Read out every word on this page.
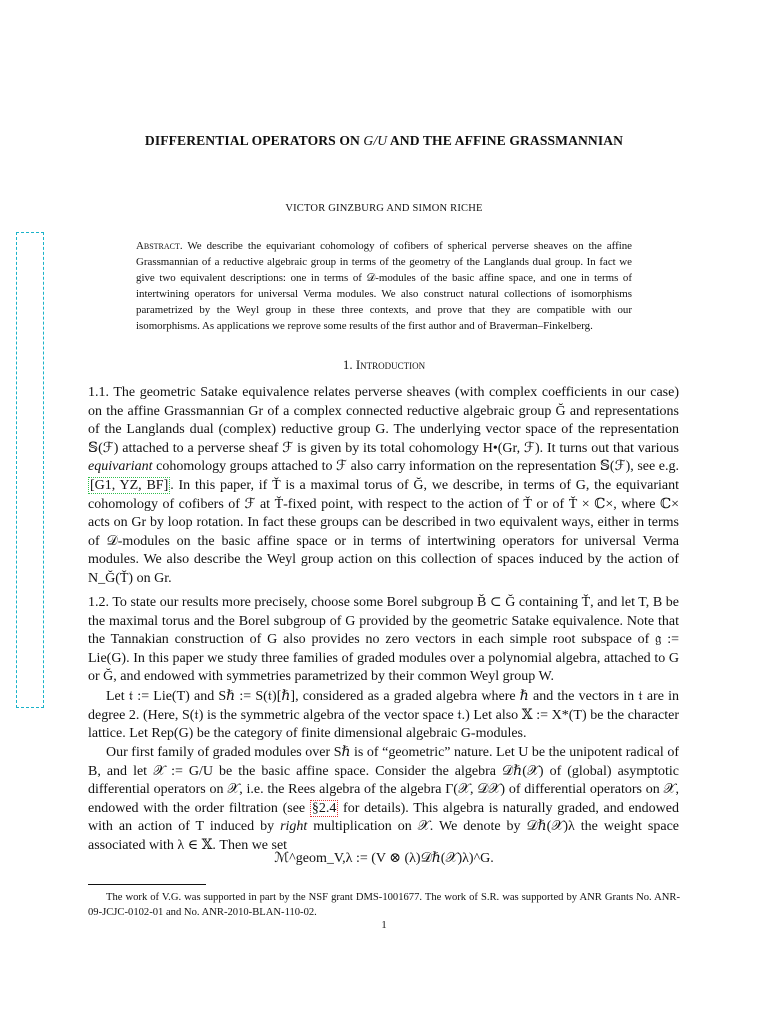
DIFFERENTIAL OPERATORS ON G/U AND THE AFFINE GRASSMANNIAN
VICTOR GINZBURG AND SIMON RICHE
Abstract. We describe the equivariant cohomology of cofibers of spherical perverse sheaves on the affine Grassmannian of a reductive algebraic group in terms of the geometry of the Langlands dual group. In fact we give two equivalent descriptions: one in terms of 𝒟-modules of the basic affine space, and one in terms of intertwining operators for universal Verma modules. We also construct natural collections of isomorphisms parametrized by the Weyl group in these three contexts, and prove that they are compatible with our isomorphisms. As applications we reprove some results of the first author and of Braverman–Finkelberg.
1. Introduction
1.1. The geometric Satake equivalence relates perverse sheaves (with complex coefficients in our case) on the affine Grassmannian Gr of a complex connected reductive algebraic group Ğ and representations of the Langlands dual (complex) reductive group G. The underlying vector space of the representation 𝕊(ℱ) attached to a perverse sheaf ℱ is given by its total cohomology H•(Gr, ℱ). It turns out that various equivariant cohomology groups attached to ℱ also carry information on the representation 𝕊(ℱ), see e.g. [G1, YZ, BF] . In this paper, if Ť is a maximal torus of Ğ, we describe, in terms of G, the equivariant cohomology of cofibers of ℱ at Ť-fixed point, with respect to the action of Ť or of Ť × ℂ×, where ℂ× acts on Gr by loop rotation. In fact these groups can be described in two equivalent ways, either in terms of 𝒟-modules on the basic affine space or in terms of intertwining operators for universal Verma modules. We also describe the Weyl group action on this collection of spaces induced by the action of N_Ğ(Ť) on Gr.
1.2. To state our results more precisely, choose some Borel subgroup B̌ ⊂ Ğ containing Ť, and let T, B be the maximal torus and the Borel subgroup of G provided by the geometric Satake equivalence. Note that the Tannakian construction of G also provides no zero vectors in each simple root subspace of 𝔤 := Lie(G). In this paper we study three families of graded modules over a polynomial algebra, attached to G or Ğ, and endowed with symmetries parametrized by their common Weyl group W.
Let 𝔱 := Lie(T) and Sℏ := S(𝔱)[ℏ], considered as a graded algebra where ℏ and the vectors in 𝔱 are in degree 2. (Here, S(𝔱) is the symmetric algebra of the vector space 𝔱.) Let also 𝕏 := X*(T) be the character lattice. Let Rep(G) be the category of finite dimensional algebraic G-modules.
Our first family of graded modules over Sℏ is of “geometric” nature. Let U be the unipotent radical of B, and let 𝒳 := G/U be the basic affine space. Consider the algebra 𝒟ℏ(𝒳) of (global) asymptotic differential operators on 𝒳, i.e. the Rees algebra of the algebra Γ(𝒳, 𝒟𝒳) of differential operators on 𝒳, endowed with the order filtration (see §2.4 for details). This algebra is naturally graded, and endowed with an action of T induced by right multiplication on 𝒳. We denote by 𝒟ℏ(𝒳)λ the weight space associated with λ ∈ 𝕏. Then we set
ℳ^geom_V,λ := (V ⊗ (λ)𝒟ℏ(𝒳)λ)^G.
The work of V.G. was supported in part by the NSF grant DMS-1001677. The work of S.R. was supported by ANR Grants No. ANR-09-JCJC-0102-01 and No. ANR-2010-BLAN-110-02.
1
